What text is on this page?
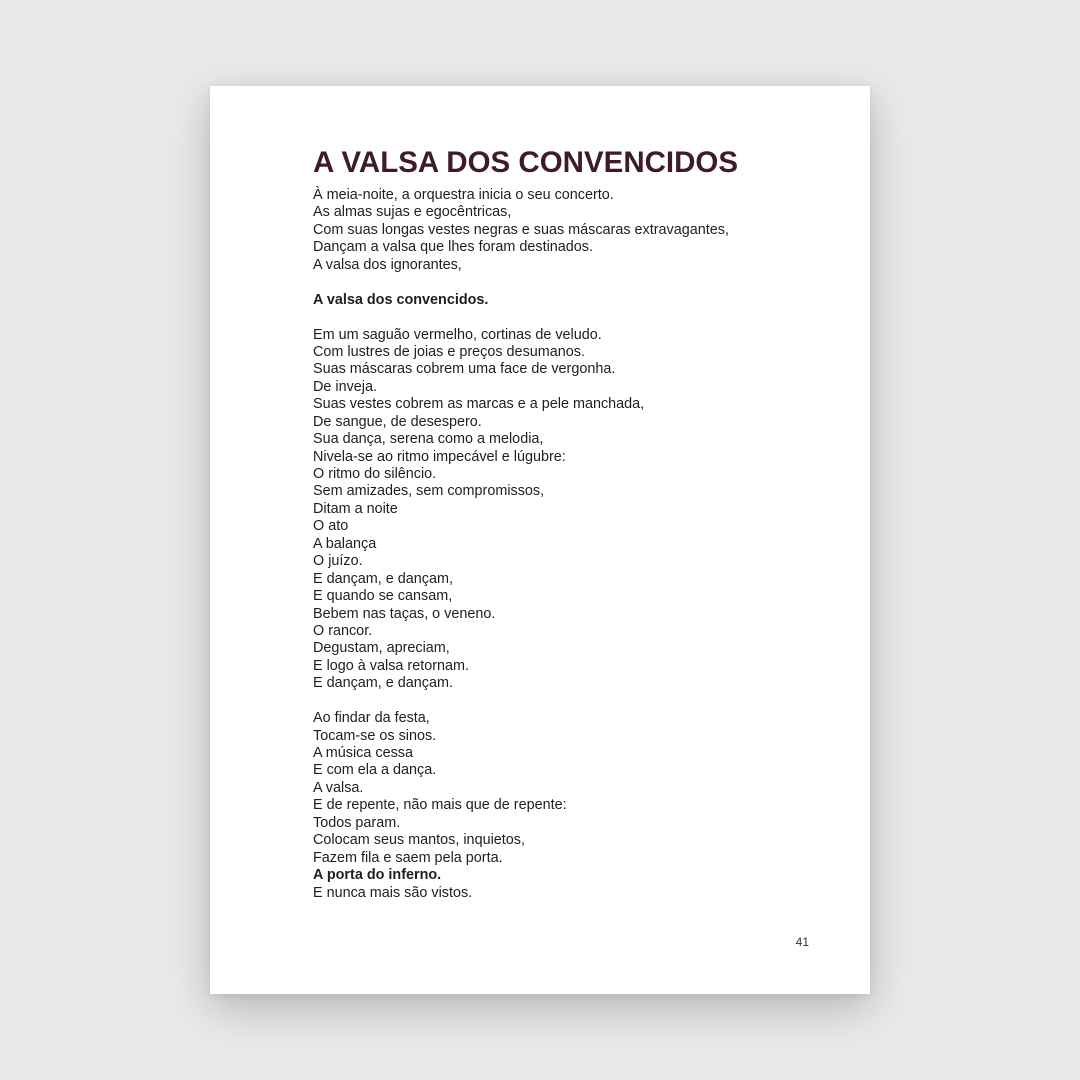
A VALSA DOS CONVENCIDOS
À meia-noite, a orquestra inicia o seu concerto.
As almas sujas e egocêntricas,
Com suas longas vestes negras e suas máscaras extravagantes,
Dançam a valsa que lhes foram destinados.
A valsa dos ignorantes,
A valsa dos convencidos.
Em um saguão vermelho, cortinas de veludo.
Com lustres de joias e preços desumanos.
Suas máscaras cobrem uma face de vergonha.
De inveja.
Suas vestes cobrem as marcas e a pele manchada,
De sangue, de desespero.
Sua dança, serena como a melodia,
Nivela-se ao ritmo impecável e lúgubre:
O ritmo do silêncio.
Sem amizades, sem compromissos,
Ditam a noite
O ato
A balança
O juízo.
E dançam, e dançam,
E quando se cansam,
Bebem nas taças, o veneno.
O rancor.
Degustam, apreciam,
E logo à valsa retornam.
E dançam, e dançam.
Ao findar da festa,
Tocam-se os sinos.
A música cessa
E com ela a dança.
A valsa.
E de repente, não mais que de repente:
Todos param.
Colocam seus mantos, inquietos,
Fazem fila e saem pela porta.
A porta do inferno.
E nunca mais são vistos.
41
